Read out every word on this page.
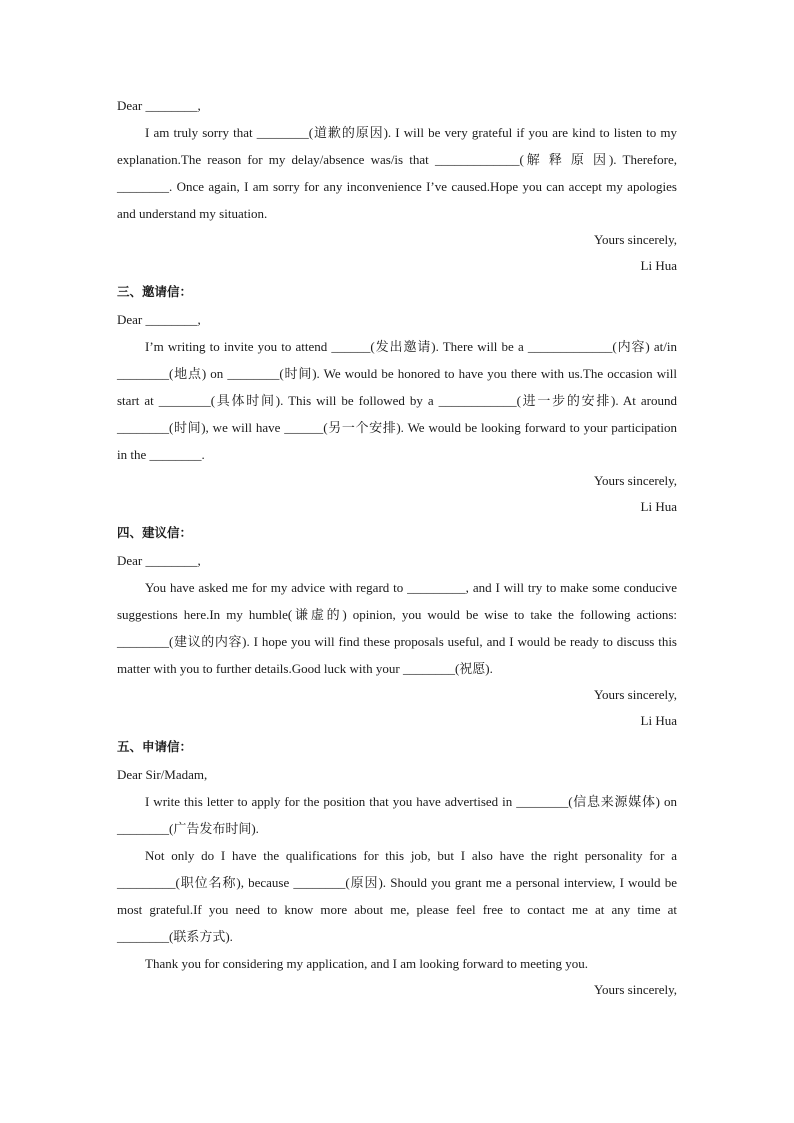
Dear ________,
I am truly sorry that ________(道歉的原因). I will be very grateful if you are kind to listen to my explanation.The reason for my delay/absence was/is that _____________(解 释 原 因). Therefore, ________. Once again, I am sorry for any inconvenience I’ve caused.Hope you can accept my apologies and understand my situation.
Yours sincerely,
Li Hua
三、邀请信：
Dear ________,
I’m writing to invite you to attend ______(发出邀请). There will be a _____________(内容) at/in ________(地点) on ________(时间). We would be honored to have you there with us.The occasion will start at ________(具体时间). This will be followed by a ____________(进一步的安排). At around ________(时间), we will have ______(另一个安排). We would be looking forward to your participation in the ________.
Yours sincerely,
Li Hua
四、建议信：
Dear ________,
You have asked me for my advice with regard to _________, and I will try to make some conducive suggestions here.In my humble(谦虚的) opinion, you would be wise to take the following actions: ________(建议的内容). I hope you will find these proposals useful, and I would be ready to discuss this matter with you to further details.Good luck with your ________(祝愿).
Yours sincerely,
Li Hua
五、申请信：
Dear Sir/Madam,
I write this letter to apply for the position that you have advertised in ________(信息来源媒体) on ________(广告发布时间).
Not only do I have the qualifications for this job, but I also have the right personality for a _________(职位名称), because ________(原因). Should you grant me a personal interview, I would be most grateful.If you need to know more about me, please feel free to contact me at any time at ________(联系方式).
Thank you for considering my application, and I am looking forward to meeting you.
Yours sincerely,
